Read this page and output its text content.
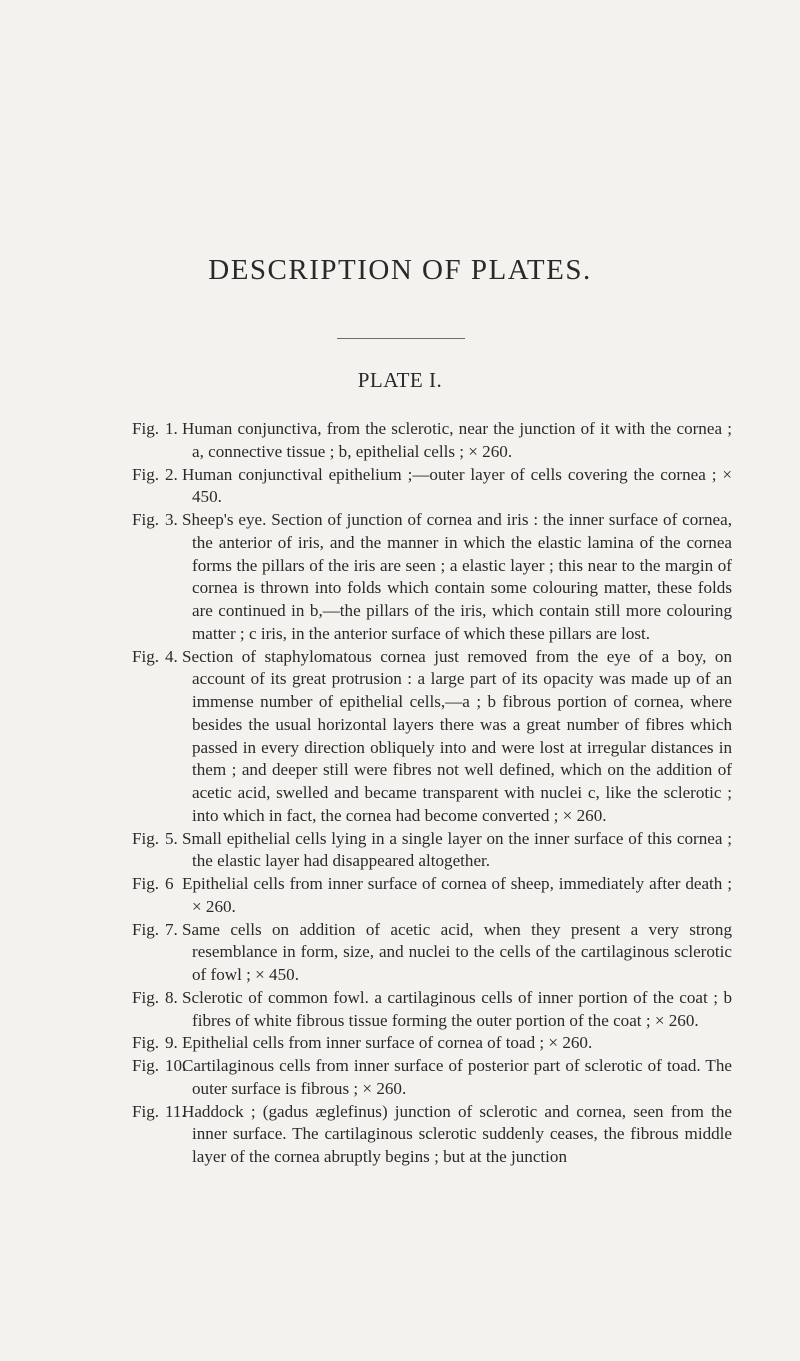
DESCRIPTION OF PLATES.
PLATE I.
Fig. 1. Human conjunctiva, from the sclerotic, near the junction of it with the cornea ; a, connective tissue ; b, epithelial cells ; × 260.
Fig. 2. Human conjunctival epithelium ;—outer layer of cells covering the cornea ; × 450.
Fig. 3. Sheep's eye. Section of junction of cornea and iris : the inner surface of cornea, the anterior of iris, and the manner in which the elastic lamina of the cornea forms the pillars of the iris are seen ; a elastic layer ; this near to the margin of cornea is thrown into folds which contain some colouring matter, these folds are continued in b,—the pillars of the iris, which contain still more colouring matter ; c iris, in the anterior surface of which these pillars are lost.
Fig. 4. Section of staphylomatous cornea just removed from the eye of a boy, on account of its great protrusion : a large part of its opacity was made up of an immense number of epithelial cells,—a ; b fibrous portion of cornea, where besides the usual horizontal layers there was a great number of fibres which passed in every direction obliquely into and were lost at irregular distances in them ; and deeper still were fibres not well defined, which on the addition of acetic acid, swelled and became transparent with nuclei c, like the sclerotic ; into which in fact, the cornea had become converted ; × 260.
Fig. 5. Small epithelial cells lying in a single layer on the inner surface of this cornea ; the elastic layer had disappeared altogether.
Fig. 6 Epithelial cells from inner surface of cornea of sheep, immediately after death ; × 260.
Fig. 7. Same cells on addition of acetic acid, when they present a very strong resemblance in form, size, and nuclei to the cells of the cartilaginous sclerotic of fowl ; × 450.
Fig. 8. Sclerotic of common fowl. a cartilaginous cells of inner portion of the coat ; b fibres of white fibrous tissue forming the outer portion of the coat ; × 260.
Fig. 9. Epithelial cells from inner surface of cornea of toad ; × 260.
Fig. 10.
Cartilaginous cells from inner surface of posterior part of sclerotic of toad. The outer surface is fibrous ; × 260.
Fig. 11.
Haddock ; (gadus æglefinus) junction of sclerotic and cornea, seen from the inner surface. The cartilaginous sclerotic suddenly ceases, the fibrous middle layer of the cornea abruptly begins ; but at the junction
